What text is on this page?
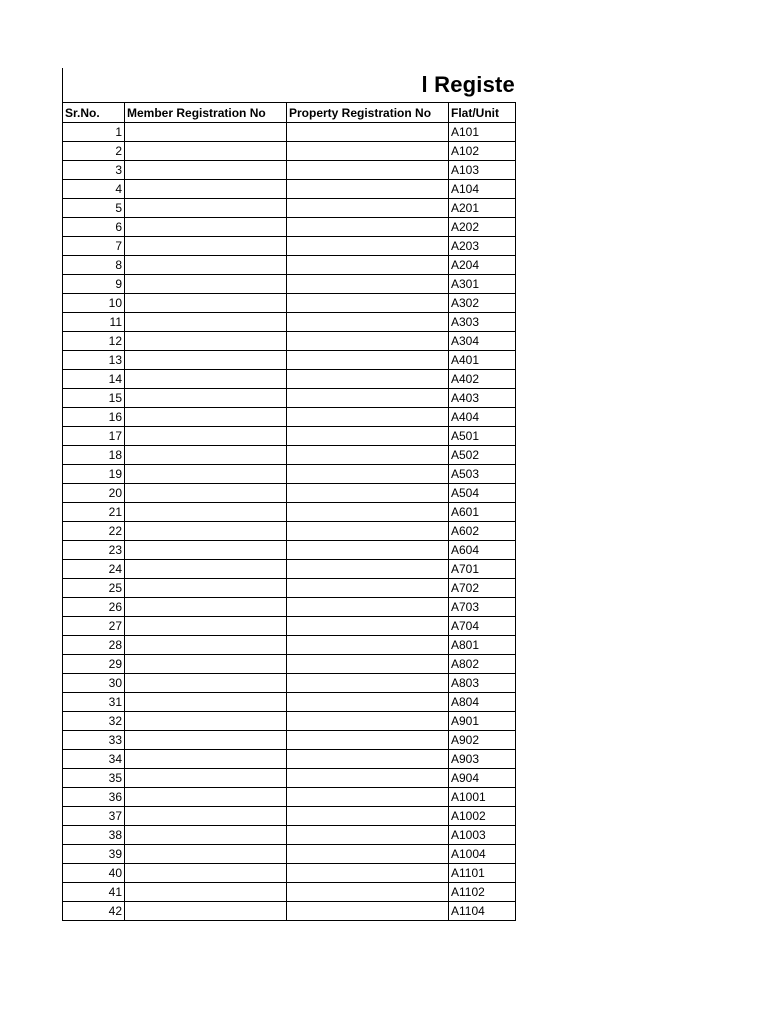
l Registe
Sr.No.	Member Registration No	Property Registration No	Flat/Unit
1			A101
2			A102
3			A103
4			A104
5			A201
6			A202
7			A203
8			A204
9			A301
10			A302
11			A303
12			A304
13			A401
14			A402
15			A403
16			A404
17			A501
18			A502
19			A503
20			A504
21			A601
22			A602
23			A604
24			A701
25			A702
26			A703
27			A704
28			A801
29			A802
30			A803
31			A804
32			A901
33			A902
34			A903
35			A904
36			A1001
37			A1002
38			A1003
39			A1004
40			A1101
41			A1102
42			A1104
